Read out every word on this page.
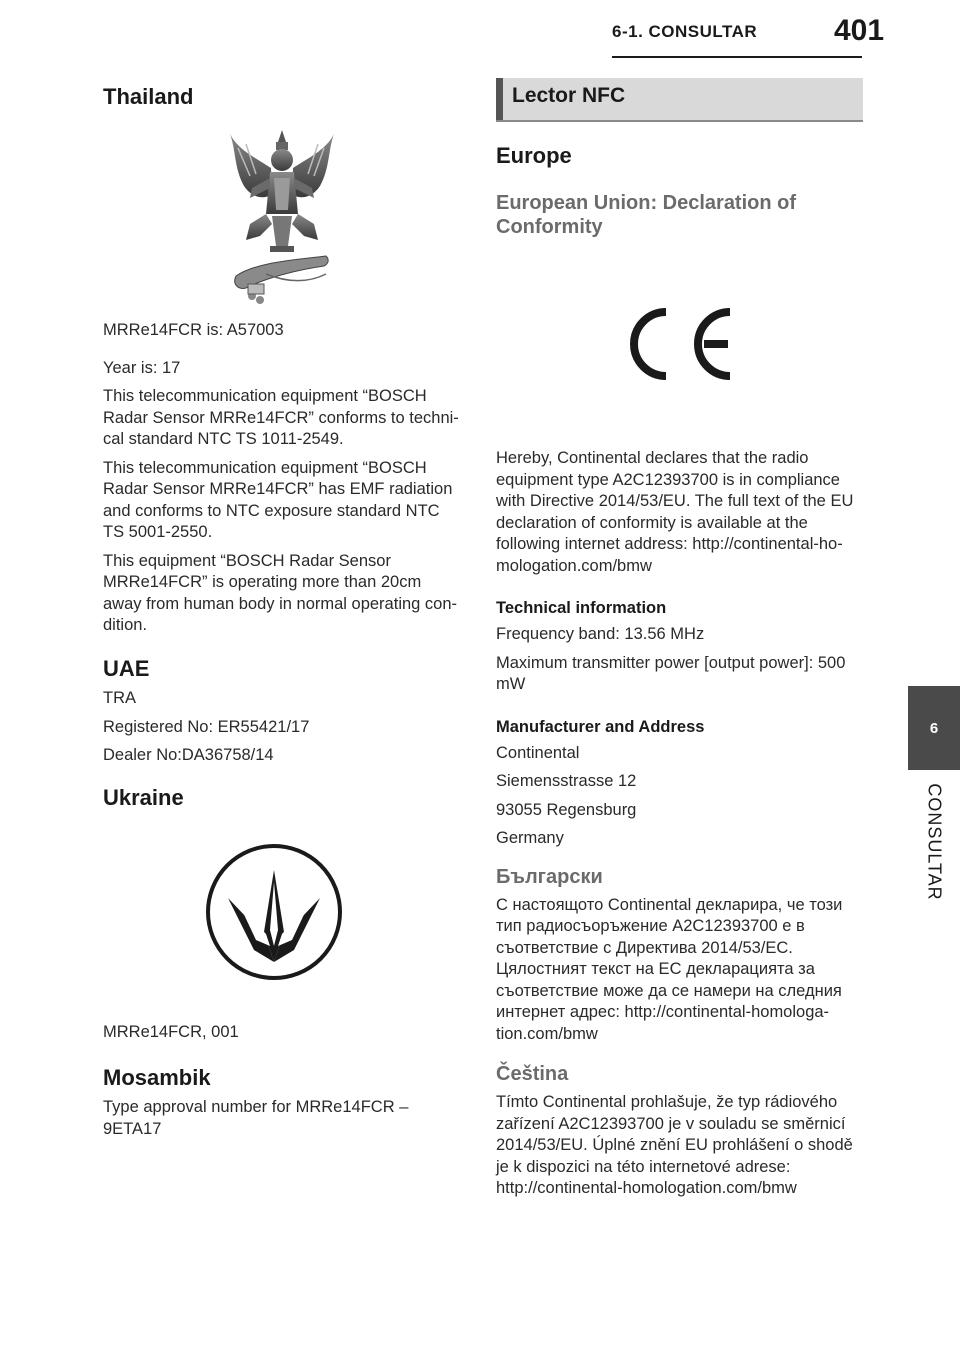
6-1. CONSULTAR	401
6
CONSULTAR
Thailand

MRRe14FCR is: A57003

Year is: 17

This telecommunication equipment “BOSCH Radar Sensor MRRe14FCR” conforms to techni-cal standard NTC TS 1011-2549.

This telecommunication equipment “BOSCH Radar Sensor MRRe14FCR” has EMF radiation and conforms to NTC exposure standard NTC TS 5001-2550.

This equipment “BOSCH Radar Sensor MRRe14FCR” is operating more than 20cm away from human body in normal operating con-dition.

UAE

TRA

Registered No: ER55421/17

Dealer No:DA36758/14

Ukraine

MRRe14FCR, 001

Mosambik

Type approval number for MRRe14FCR – 9ETA17

Lector NFC
Europe
European Union: Declaration of Conformity

Hereby, Continental declares that the radio equipment type A2C12393700 is in compliance with Directive 2014/53/EU. The full text of the EU declaration of conformity is available at the following internet address: http://continental-ho-mologation.com/bmw

Technical information

Frequency band: 13.56 MHz

Maximum transmitter power [output power]: 500 mW

Manufacturer and Address

Continental

Siemensstrasse 12

93055 Regensburg

Germany

Български

С настоящото Continental декларира, че този тип радиосъоръжение A2C12393700 е в съответствие с Директива 2014/53/ЕС. Цялостният текст на ЕС декларацията за съответствие може да се намери на следния интернет адрес: http://continental-homologa-tion.com/bmw

Čeština

Tímto Continental prohlašuje, že typ rádiového zařízení A2C12393700 je v souladu se směrnicí 2014/53/EU. Úplné znění EU prohlášení o shodě je k dispozici na této internetové adrese: http://continental-homologation.com/bmw
